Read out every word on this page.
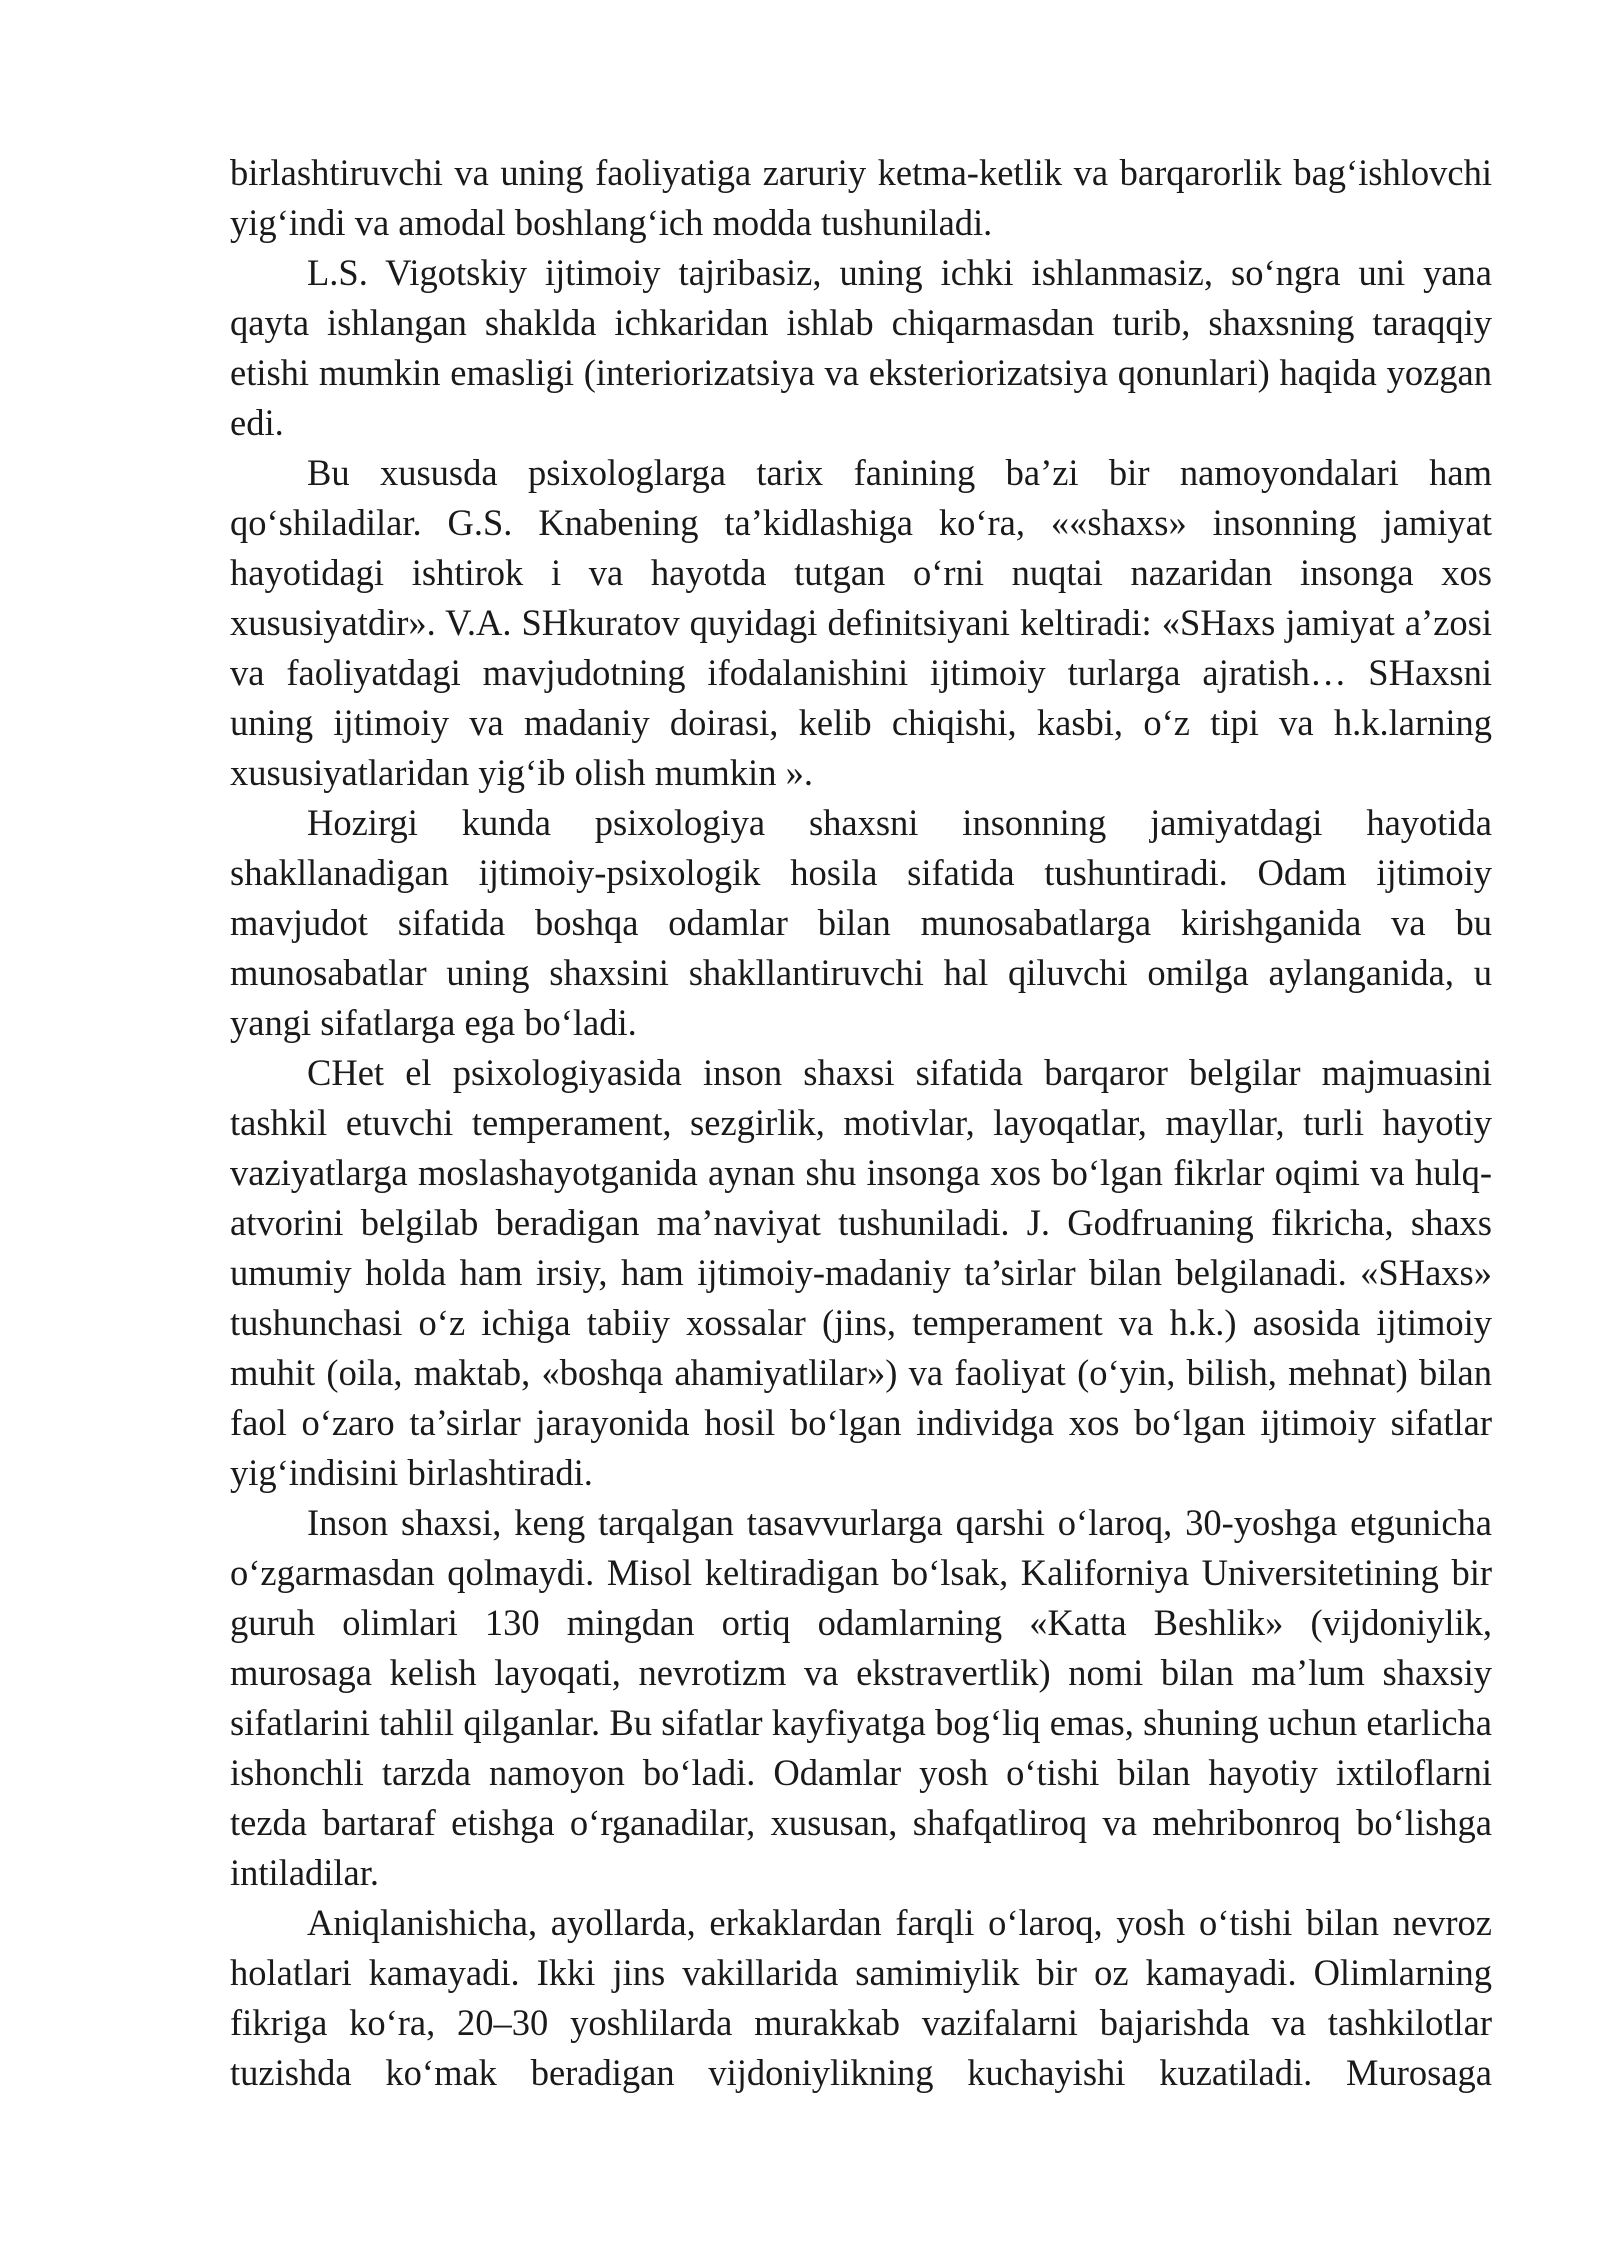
birlashtiruvchi va uning faoliyatiga zaruriy ketma-ketlik va barqarorlik bag‘ishlovchi yig‘indi va amodal boshlang‘ich modda tushuniladi.

L.S. Vigotskiy ijtimoiy tajribasiz, uning ichki ishlanmasiz, so‘ngra uni yana qayta ishlangan shaklda ichkaridan ishlab chiqarmasdan turib, shaxsning taraqqiy etishi mumkin emasligi (interiorizatsiya va eksteriorizatsiya qonunlari) haqida yozgan edi.

Bu xususda psixologlarga tarix fanining ba’zi bir namoyondalari ham qo‘shiladilar. G.S. Knabening ta’kidlashiga ko‘ra, ««shaxs» insonning jamiyat hayotidagi ishtirok i va hayotda tutgan o‘rni nuqtai nazaridan insonga xos xususiyatdir». V.A. SHkuratov quyidagi definitsiyani keltiradi: «SHaxs jamiyat a’zosi va faoliyatdagi mavjudotning ifodalanishini ijtimoiy turlarga ajratish… SHaxsni uning ijtimoiy va madaniy doirasi, kelib chiqishi, kasbi, o‘z tipi va h.k.larning xususiyatlaridan yig‘ib olish mumkin ».

Hozirgi kunda psixologiya shaxsni insonning jamiyatdagi hayotida shakllanadigan ijtimoiy-psixologik hosila sifatida tushuntiradi. Odam ijtimoiy mavjudot sifatida boshqa odamlar bilan munosabatlarga kirishganida va bu munosabatlar uning shaxsini shakllantiruvchi hal qiluvchi omilga aylanganida, u yangi sifatlarga ega bo‘ladi.

CHet el psixologiyasida inson shaxsi sifatida barqaror belgilar majmuasini tashkil etuvchi temperament, sezgirlik, motivlar, layoqatlar, mayllar, turli hayotiy vaziyatlarga moslashayotganida aynan shu insonga xos bo‘lgan fikrlar oqimi va hulq-atvorini belgilab beradigan ma’naviyat tushuniladi. J. Godfruaning fikricha, shaxs umumiy holda ham irsiy, ham ijtimoiy-madaniy ta’sirlar bilan belgilanadi. «SHaxs» tushunchasi o‘z ichiga tabiiy xossalar (jins, temperament va h.k.) asosida ijtimoiy muhit (oila, maktab, «boshqa ahamiyatlilar») va faoliyat (o‘yin, bilish, mehnat) bilan faol o‘zaro ta’sirlar jarayonida hosil bo‘lgan individga xos bo‘lgan ijtimoiy sifatlar yig‘indisini birlashtiradi.

Inson shaxsi, keng tarqalgan tasavvurlarga qarshi o‘laroq, 30-yoshga etgunicha o‘zgarmasdan qolmaydi. Misol keltiradigan bo‘lsak, Kaliforniya Universitetining bir guruh olimlari 130 mingdan ortiq odamlarning «Katta Beshlik» (vijdoniylik, murosaga kelish layoqati, nevrotizm va ekstravertlik) nomi bilan ma’lum shaxsiy sifatlarini tahlil qilganlar. Bu sifatlar kayfiyatga bog‘liq emas, shuning uchun etarlicha ishonchli tarzda namoyon bo‘ladi. Odamlar yosh o‘tishi bilan hayotiy ixtiloflarni tezda bartaraf etishga o‘rganadilar, xususan, shafqatliroq va mehribonroq bo‘lishga intiladilar.

Aniqlanishicha, ayollarda, erkaklardan farqli o‘laroq, yosh o‘tishi bilan nevroz holatlari kamayadi. Ikki jins vakillarida samimiylik bir oz kamayadi. Olimlarning fikriga ko‘ra, 20–30 yoshlilarda murakkab vazifalarni bajarishda va tashkilotlar tuzishda ko‘mak beradigan vijdoniylikning kuchayishi kuzatiladi. Murosaga
